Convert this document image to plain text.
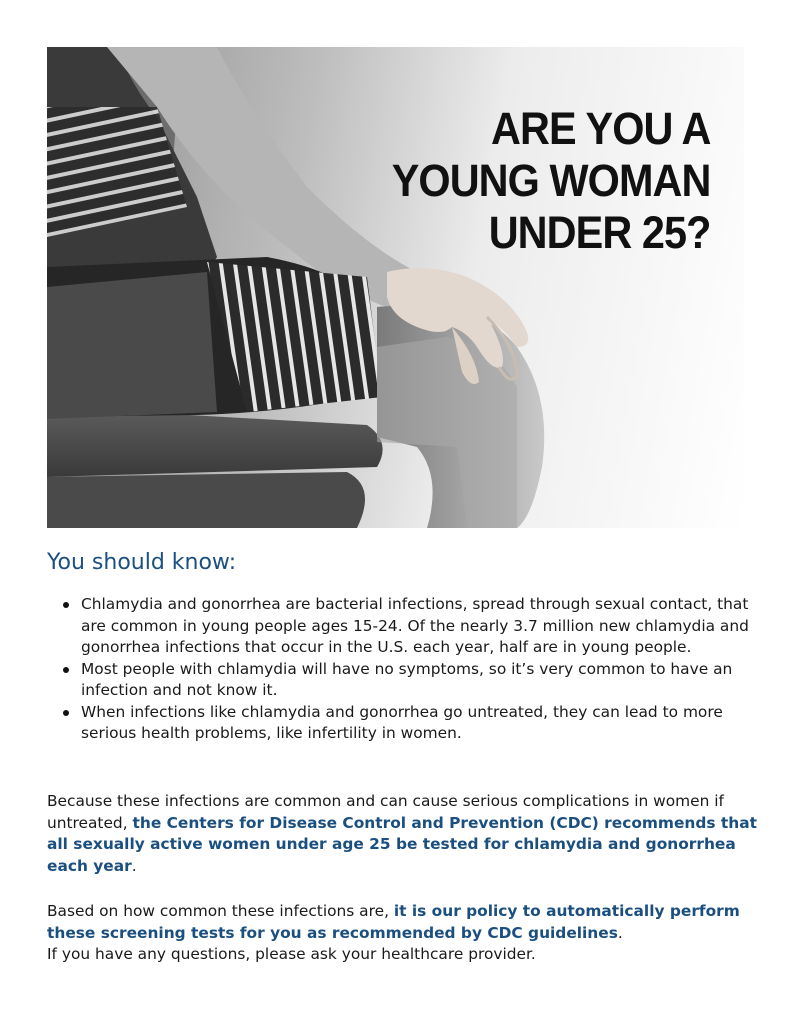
ARE YOU A
YOUNG WOMAN
UNDER 25?
You should know:
Chlamydia and gonorrhea are bacterial infections, spread through sexual contact, that are common in young people ages 15-24. Of the nearly 3.7 million new chlamydia and gonorrhea infections that occur in the U.S. each year, half are in young people.
Most people with chlamydia will have no symptoms, so it’s very common to have an infection and not know it.
When infections like chlamydia and gonorrhea go untreated, they can lead to more serious health problems, like infertility in women.

Because these infections are common and can cause serious complications in women if untreated, the Centers for Disease Control and Prevention (CDC) recommends that all sexually active women under age 25 be tested for chlamydia and gonorrhea each year.

Based on how common these infections are, it is our policy to automatically perform these screening tests for you as recommended by CDC guidelines.
If you have any questions, please ask your healthcare provider.
